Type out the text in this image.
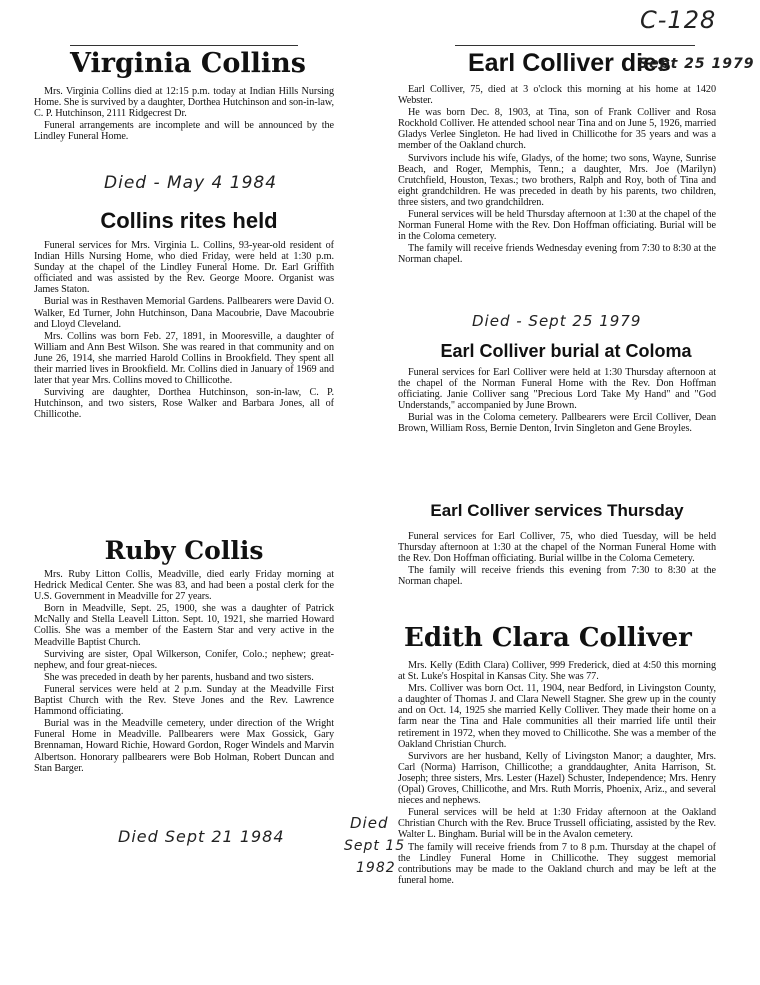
C-128
Virginia Collins

Mrs. Virginia Collins died at 12:15 p.m. today at Indian Hills Nursing Home. She is survived by a daughter, Dorthea Hutchinson and son-in-law, C. P. Hutchinson, 2111 Ridgecrest Dr.

Funeral arrangements are incomplete and will be announced by the Lindley Funeral Home.

Died - May 4 1984
Collins rites held

Funeral services for Mrs. Virginia L. Collins, 93-year-old resident of Indian Hills Nursing Home, who died Friday, were held at 1:30 p.m. Sunday at the chapel of the Lindley Funeral Home. Dr. Earl Griffith officiated and was assisted by the Rev. George Moore. Organist was James Staton.

Burial was in Resthaven Memorial Gardens. Pallbearers were David O. Walker, Ed Turner, John Hutchinson, Dana Macoubrie, Dave Macoubrie and Lloyd Cleveland.

Mrs. Collins was born Feb. 27, 1891, in Mooresville, a daughter of William and Ann Best Wilson. She was reared in that community and on June 26, 1914, she married Harold Collins in Brookfield. They spent all their married lives in Brookfield. Mr. Collins died in January of 1969 and later that year Mrs. Collins moved to Chillicothe.

Surviving are daughter, Dorthea Hutchinson, son-in-law, C. P. Hutchinson, and two sisters, Rose Walker and Barbara Jones, all of Chillicothe.

Ruby Collis

Mrs. Ruby Litton Collis, Meadville, died early Friday morning at Hedrick Medical Center. She was 83, and had been a postal clerk for the U.S. Government in Meadville for 27 years.

Born in Meadville, Sept. 25, 1900, she was a daughter of Patrick McNally and Stella Leavell Litton. Sept. 10, 1921, she married Howard Collis. She was a member of the Eastern Star and very active in the Meadville Baptist Church.

Surviving are sister, Opal Wilkerson, Conifer, Colo.; nephew; great-nephew, and four great-nieces.

She was preceded in death by her parents, husband and two sisters.

Funeral services were held at 2 p.m. Sunday at the Meadville First Baptist Church with the Rev. Steve Jones and the Rev. Lawrence Hammond officiating.

Burial was in the Meadville cemetery, under direction of the Wright Funeral Home in Meadville. Pallbearers were Max Gossick, Gary Brennaman, Howard Richie, Howard Gordon, Roger Windels and Marvin Albertson. Honorary pallbearers were Bob Holman, Robert Duncan and Stan Barger.

Died Sept 21 1984
Earl Colliver dies
Sept 25 1979

Earl Colliver, 75, died at 3 o'clock this morning at his home at 1420 Webster.

He was born Dec. 8, 1903, at Tina, son of Frank Colliver and Rosa Rockhold Colliver. He attended school near Tina and on June 5, 1926, married Gladys Verlee Singleton. He had lived in Chillicothe for 35 years and was a member of the Oakland church.

Survivors include his wife, Gladys, of the home; two sons, Wayne, Sunrise Beach, and Roger, Memphis, Tenn.; a daughter, Mrs. Joe (Marilyn) Crutchfield, Houston, Texas.; two brothers, Ralph and Roy, both of Tina and eight grandchildren. He was preceded in death by his parents, two children, three sisters, and two grandchildren.

Funeral services will be held Thursday afternoon at 1:30 at the chapel of the Norman Funeral Home with the Rev. Don Hoffman officiating. Burial will be in the Coloma cemetery.

The family will receive friends Wednesday evening from 7:30 to 8:30 at the Norman chapel.

Died - Sept 25 1979
Earl Colliver burial at Coloma

Funeral services for Earl Colliver were held at 1:30 Thursday afternoon at the chapel of the Norman Funeral Home with the Rev. Don Hoffman officiating. Janie Colliver sang "Precious Lord Take My Hand" and "God Understands," accompanied by June Brown.

Burial was in the Coloma cemetery. Pallbearers were Ercil Colliver, Dean Brown, William Ross, Bernie Denton, Irvin Singleton and Gene Broyles.

Earl Colliver services Thursday

Funeral services for Earl Colliver, 75, who died Tuesday, will be held Thursday afternoon at 1:30 at the chapel of the Norman Funeral Home with the Rev. Don Hoffman officiating. Burial willbe in the Coloma Cemetery.

The family will receive friends this evening from 7:30 to 8:30 at the Norman chapel.

Edith Clara Colliver

Mrs. Kelly (Edith Clara) Colliver, 999 Frederick, died at 4:50 this morning at St. Luke's Hospital in Kansas City. She was 77.

Mrs. Colliver was born Oct. 11, 1904, near Bedford, in Livingston County, a daughter of Thomas J. and Clara Newell Stagner. She grew up in the county and on Oct. 14, 1925 she married Kelly Colliver. They made their home on a farm near the Tina and Hale communities all their married life until their retirement in 1972, when they moved to Chillicothe. She was a member of the Oakland Christian Church.

Survivors are her husband, Kelly of Livingston Manor; a daughter, Mrs. Carl (Norma) Harrison, Chillicothe; a granddaughter, Anita Harrison, St. Joseph; three sisters, Mrs. Lester (Hazel) Schuster, Independence; Mrs. Henry (Opal) Groves, Chillicothe, and Mrs. Ruth Morris, Phoenix, Ariz., and several nieces and nephews.

Funeral services will be held at 1:30 Friday afternoon at the Oakland Christian Church with the Rev. Bruce Trussell officiating, assisted by the Rev. Walter L. Bingham. Burial will be in the Avalon cemetery.

The family will receive friends from 7 to 8 p.m. Thursday at the chapel of the Lindley Funeral Home in Chillicothe. They suggest memorial contributions may be made to the Oakland church and may be left at the funeral home.

Died
Sept 15
1982
